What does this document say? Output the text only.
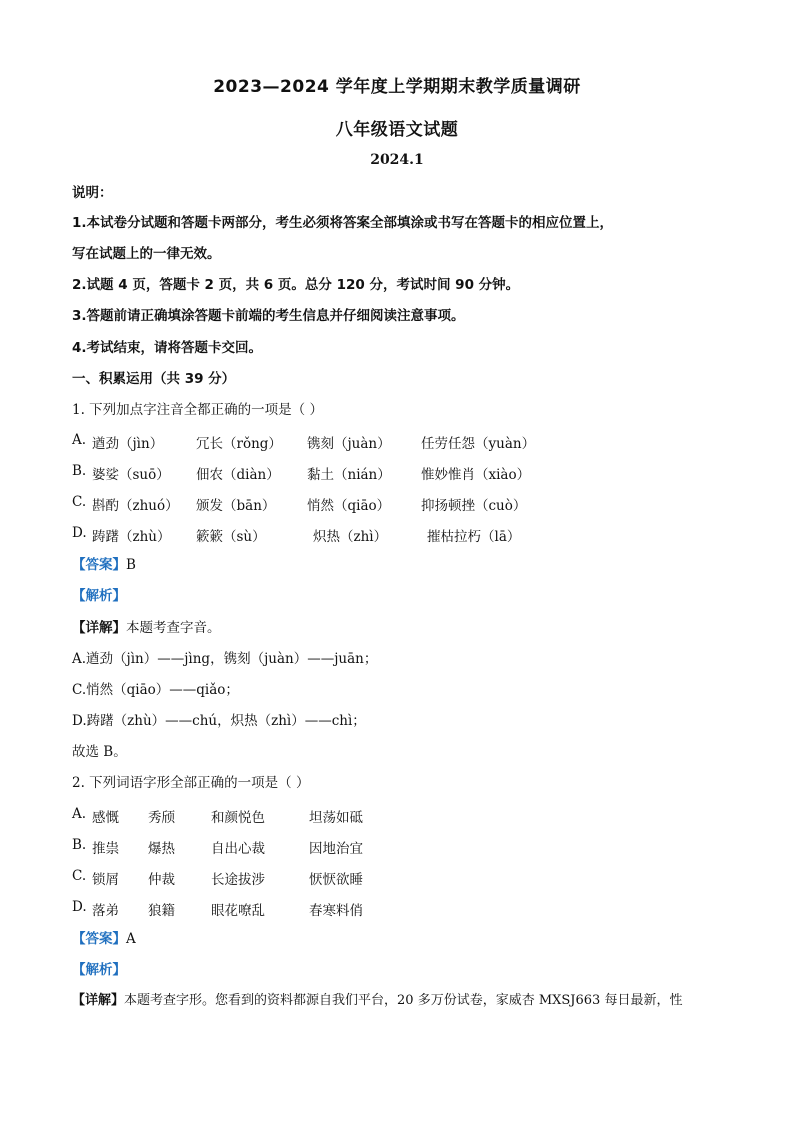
2023—2024 学年度上学期期末教学质量调研
八年级语文试题
2024.1
说明：
1.本试卷分试题和答题卡两部分，考生必须将答案全部填涂或书写在答题卡的相应位置上，
写在试题上的一律无效。
2.试题 4 页，答题卡 2 页，共 6 页。总分 120 分，考试时间 90 分钟。
3.答题前请正确填涂答题卡前端的考生信息并仔细阅读注意事项。
4.考试结束，请将答题卡交回。
一、积累运用（共 39 分）
1. 下列加点字注音全都正确的一项是（ ）
A. 遒劲（jìn） 冗长（rǒng） 镌刻（juàn） 任劳任怨（yuàn）
B. 婆娑（suō） 佃农（diàn） 黏土（nián） 惟妙惟肖（xiào）
C. 斟酌（zhuó） 颁发（bān） 悄然（qiāo） 抑扬顿挫（cuò）
D. 踌躇（zhù） 簌簌（sù）	炽热（zhì）	摧枯拉朽（lā）
【答案】B
【解析】
【详解】本题考查字音。
A.遒劲（jìn）——jìng，镌刻（juàn）——juān；
C.悄然（qiāo）——qiǎo；
D.踌躇（zhù）——chú，炽热（zhì）——chì；
故选 B。
2. 下列词语字形全部正确的一项是（ ）
A. 感慨 秀颀	和颜悦色	坦荡如砥
B. 推祟 爆热	自出心裁	因地治宜
C. 锁屑 仲裁	长途拔涉	恹恹欲睡
D. 落弟 狼籍	眼花嘹乱	春寒料俏
【答案】A
【解析】
【详解】本题考查字形。您看到的资料都源自我们平台，20 多万份试卷，家威杏 MXSJ663 每日最新，性
